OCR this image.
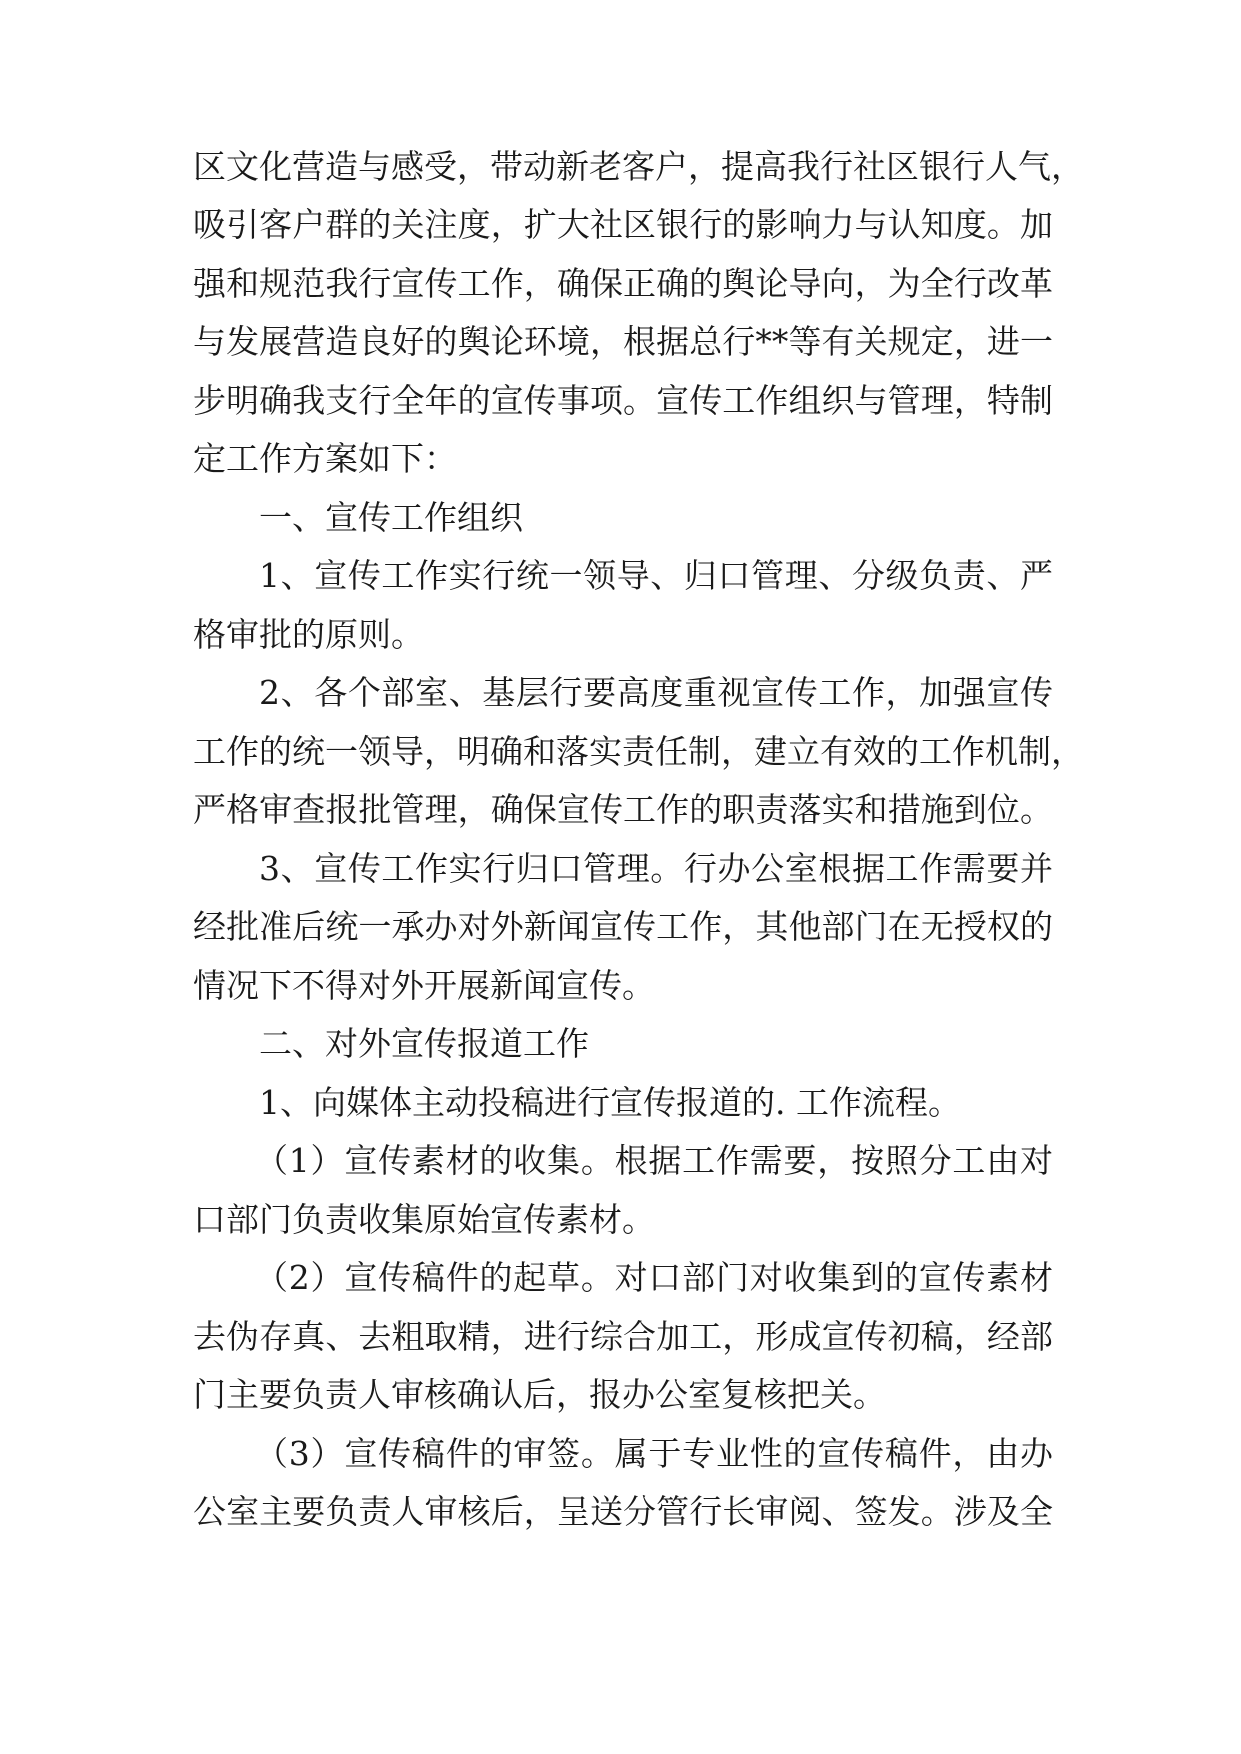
区文化营造与感受，带动新老客户，提高我行社区银行人气，

吸引客户群的关注度，扩大社区银行的影响力与认知度。加

强和规范我行宣传工作，确保正确的舆论导向，为全行改革

与发展营造良好的舆论环境，根据总行**等有关规定，进一

步明确我支行全年的宣传事项。宣传工作组织与管理，特制

定工作方案如下：

一、宣传工作组织

1、宣传工作实行统一领导、归口管理、分级负责、严

格审批的原则。

2、各个部室、基层行要高度重视宣传工作，加强宣传

工作的统一领导，明确和落实责任制，建立有效的工作机制，

严格审查报批管理，确保宣传工作的职责落实和措施到位。

3、宣传工作实行归口管理。行办公室根据工作需要并

经批准后统一承办对外新闻宣传工作，其他部门在无授权的

情况下不得对外开展新闻宣传。

二、对外宣传报道工作

1、向媒体主动投稿进行宣传报道的. 工作流程。

（1）宣传素材的收集。根据工作需要，按照分工由对

口部门负责收集原始宣传素材。

（2）宣传稿件的起草。对口部门对收集到的宣传素材

去伪存真、去粗取精，进行综合加工，形成宣传初稿，经部

门主要负责人审核确认后，报办公室复核把关。

（3）宣传稿件的审签。属于专业性的宣传稿件，由办

公室主要负责人审核后，呈送分管行长审阅、签发。涉及全
